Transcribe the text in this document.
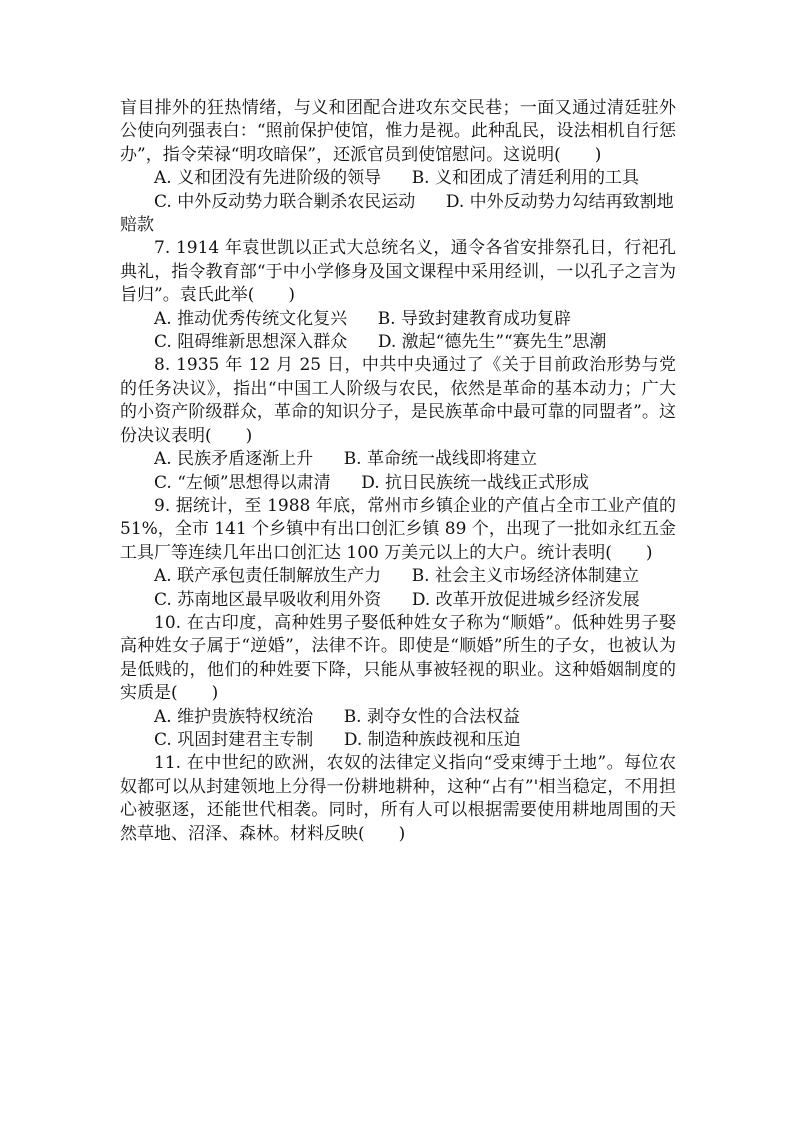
盲目排外的狂热情绪，与义和团配合进攻东交民巷；一面又通过清廷驻外公使向列强表白：“照前保护使馆，惟力是视。此种乱民，设法相机自行惩办”，指令荣禄“明攻暗保”，还派官员到使馆慰问。这说明(　　)

A. 义和团没有先进阶级的领导 B. 义和团成了清廷利用的工具

C. 中外反动势力联合剿杀农民运动 D. 中外反动势力勾结再致割地赔款

7. 1914 年袁世凯以正式大总统名义，通令各省安排祭孔日，行祀孔典礼，指令教育部“于中小学修身及国文课程中采用经训，一以孔子之言为旨归”。袁氏此举(　　)

A. 推动优秀传统文化复兴 B. 导致封建教育成功复辟

C. 阻碍维新思想深入群众 D. 激起“德先生”“赛先生”思潮

8. 1935 年 12 月 25 日，中共中央通过了《关于目前政治形势与党的任务决议》，指出“中国工人阶级与农民，依然是革命的基本动力；广大的小资产阶级群众，革命的知识分子，是民族革命中最可靠的同盟者”。这份决议表明(　　)

A. 民族矛盾逐渐上升 B. 革命统一战线即将建立

C. “左倾”思想得以肃清 D. 抗日民族统一战线正式形成

9. 据统计，至 1988 年底，常州市乡镇企业的产值占全市工业产值的 51%，全市 141 个乡镇中有出口创汇乡镇 89 个，出现了一批如永红五金工具厂等连续几年出口创汇达 100 万美元以上的大户。统计表明(　　)

A. 联产承包责任制解放生产力 B. 社会主义市场经济体制建立

C. 苏南地区最早吸收利用外资 D. 改革开放促进城乡经济发展

10. 在古印度，高种姓男子娶低种姓女子称为“顺婚”。低种姓男子娶高种姓女子属于“逆婚”，法律不许。即使是“顺婚”所生的子女，也被认为是低贱的，他们的种姓要下降，只能从事被轻视的职业。这种婚姻制度的实质是(　　)

A. 维护贵族特权统治 B. 剥夺女性的合法权益

C. 巩固封建君主专制 D. 制造种族歧视和压迫

11. 在中世纪的欧洲，农奴的法律定义指向“受束缚于土地”。每位农奴都可以从封建领地上分得一份耕地耕种，这种“占有”'相当稳定，不用担心被驱逐，还能世代相袭。同时，所有人可以根据需要使用耕地周围的天然草地、沼泽、森林。材料反映(　　)
